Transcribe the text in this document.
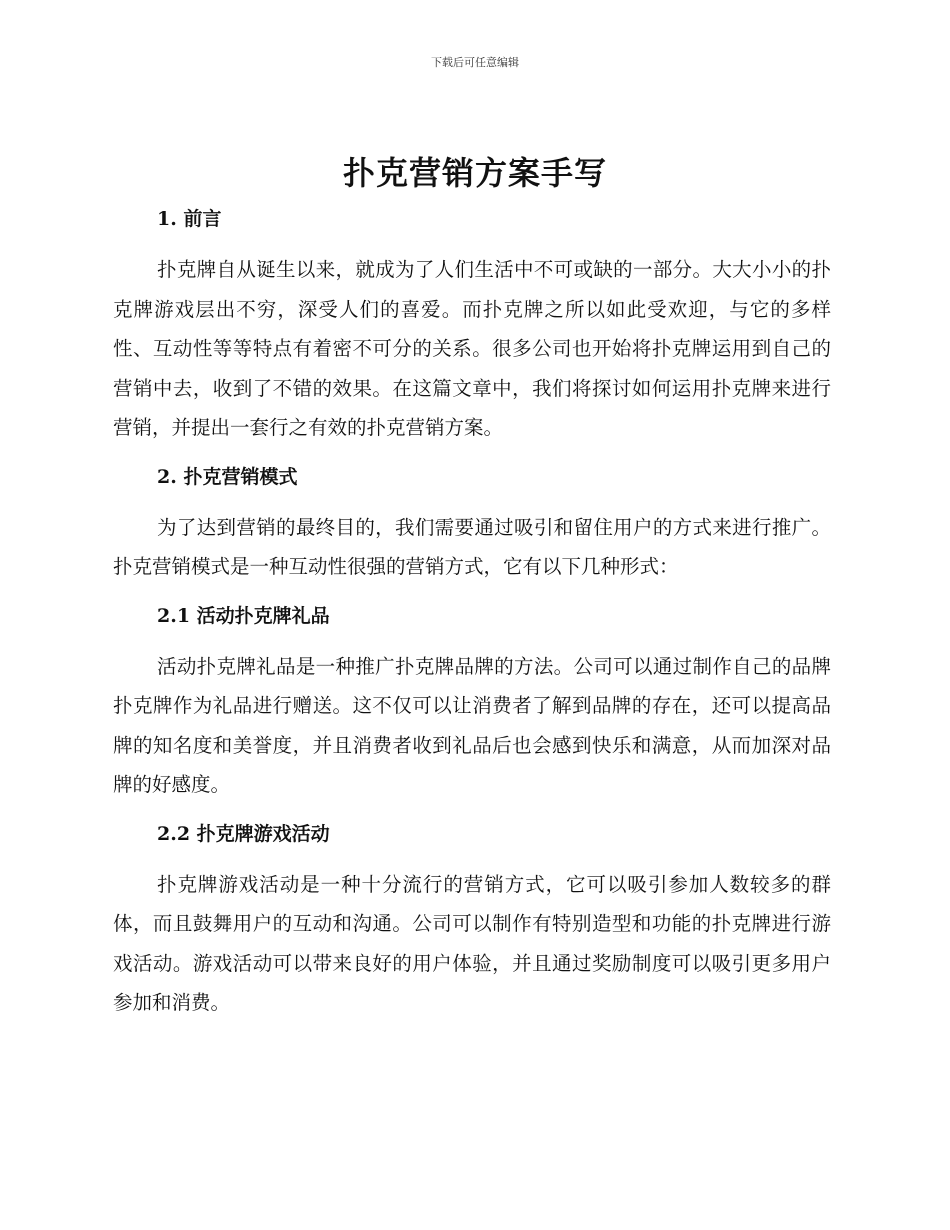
下载后可任意编辑
扑克营销方案手写
1. 前言

扑克牌自从诞生以来，就成为了人们生活中不可或缺的一部分。大大小小的扑克牌游戏层出不穷，深受人们的喜爱。而扑克牌之所以如此受欢迎，与它的多样性、互动性等等特点有着密不可分的关系。很多公司也开始将扑克牌运用到自己的营销中去，收到了不错的效果。在这篇文章中，我们将探讨如何运用扑克牌来进行营销，并提出一套行之有效的扑克营销方案。

2. 扑克营销模式

为了达到营销的最终目的，我们需要通过吸引和留住用户的方式来进行推广。扑克营销模式是一种互动性很强的营销方式，它有以下几种形式：

2.1 活动扑克牌礼品

活动扑克牌礼品是一种推广扑克牌品牌的方法。公司可以通过制作自己的品牌扑克牌作为礼品进行赠送。这不仅可以让消费者了解到品牌的存在，还可以提高品牌的知名度和美誉度，并且消费者收到礼品后也会感到快乐和满意，从而加深对品牌的好感度。

2.2 扑克牌游戏活动

扑克牌游戏活动是一种十分流行的营销方式，它可以吸引参加人数较多的群体，而且鼓舞用户的互动和沟通。公司可以制作有特别造型和功能的扑克牌进行游戏活动。游戏活动可以带来良好的用户体验，并且通过奖励制度可以吸引更多用户参加和消费。
